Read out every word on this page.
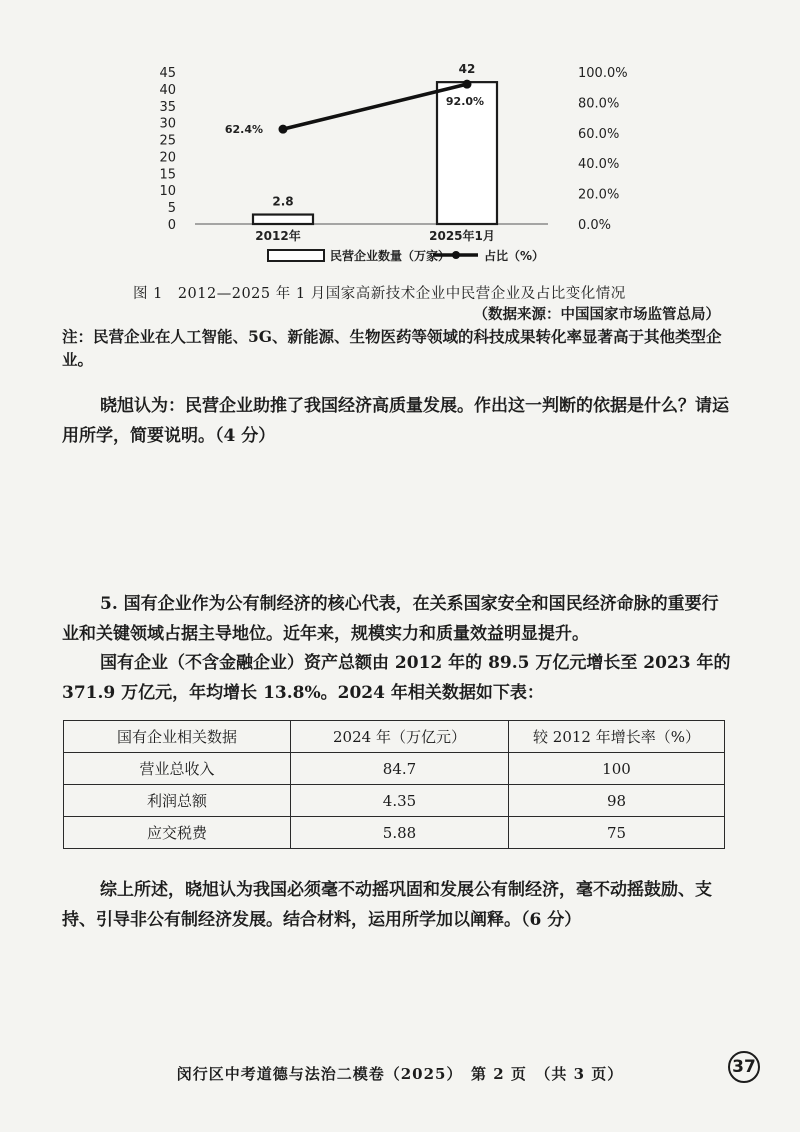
0
5
10
15
20
25
30
35
40
45
0.0%
20.0%
40.0%
60.0%
80.0%
100.0%
2.8
42
62.4%
92.0%
2012年	2025年1月
民营企业数量（万家）	占比（%）
图 1　2012—2025 年 1 月国家高新技术企业中民营企业及占比变化情况
（数据来源：中国国家市场监管总局）
注：民营企业在人工智能、5G、新能源、生物医药等领域的科技成果转化率显著高于其他类型企业。
晓旭认为：民营企业助推了我国经济高质量发展。作出这一判断的依据是什么？请运用所学，简要说明。（4 分）
5. 国有企业作为公有制经济的核心代表，在关系国家安全和国民经济命脉的重要行业和关键领域占据主导地位。近年来，规模实力和质量效益明显提升。
国有企业（不含金融企业）资产总额由 2012 年的 89.5 万亿元增长至 2023 年的 371.9 万亿元，年均增长 13.8%。2024 年相关数据如下表：
国有企业相关数据	2024 年（万亿元）	较 2012 年增长率（%）
营业总收入	84.7	100
利润总额	4.35	98
应交税费	5.88	75
综上所述，晓旭认为我国必须毫不动摇巩固和发展公有制经济，毫不动摇鼓励、支持、引导非公有制经济发展。结合材料，运用所学加以阐释。（6 分）
闵行区中考道德与法治二模卷（2025）　第 2 页　（共 3 页）	37
